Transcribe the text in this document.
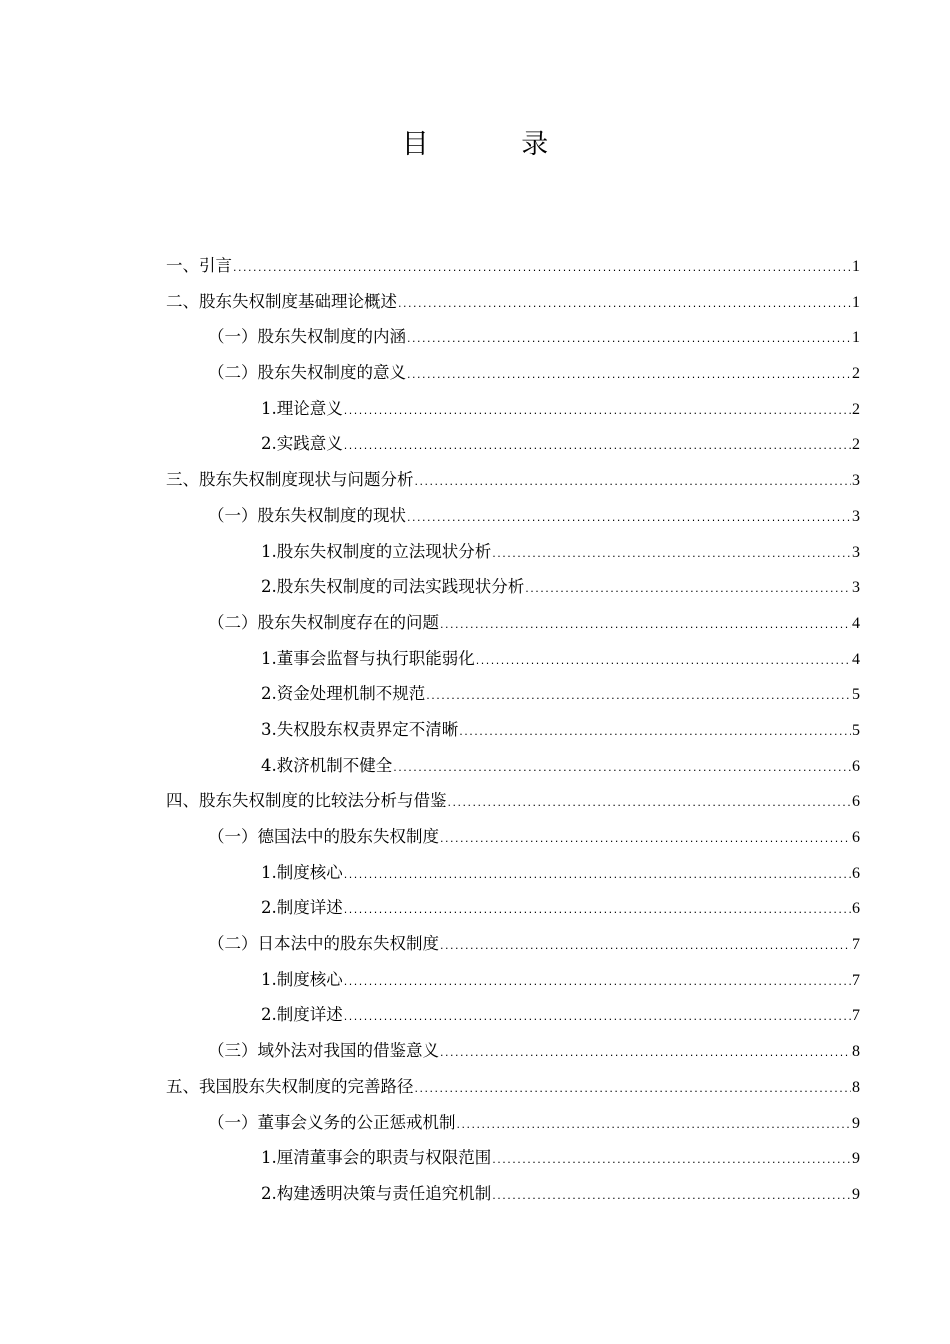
目 录
一、引言 .....	1
二、股东失权制度基础理论概述 .....	1
（一）股东失权制度的内涵 .....	1
（二）股东失权制度的意义 .....	2
1.理论意义 .....	2
2.实践意义 .....	2
三、股东失权制度现状与问题分析 .....	3
（一）股东失权制度的现状 .....	3
1.股东失权制度的立法现状分析 .....	3
2.股东失权制度的司法实践现状分析 .....	3
（二）股东失权制度存在的问题 .....	4
1.董事会监督与执行职能弱化 .....	4
2.资金处理机制不规范 .....	5
3.失权股东权责界定不清晰 .....	5
4.救济机制不健全 .....	6
四、股东失权制度的比较法分析与借鉴 .....	6
（一）德国法中的股东失权制度 .....	6
1.制度核心 .....	6
2.制度详述 .....	6
（二）日本法中的股东失权制度 .....	7
1.制度核心 .....	7
2.制度详述 .....	7
（三）域外法对我国的借鉴意义 .....	8
五、我国股东失权制度的完善路径 .....	8
（一）董事会义务的公正惩戒机制 .....	9
1.厘清董事会的职责与权限范围 .....	9
2.构建透明决策与责任追究机制 .....	9
